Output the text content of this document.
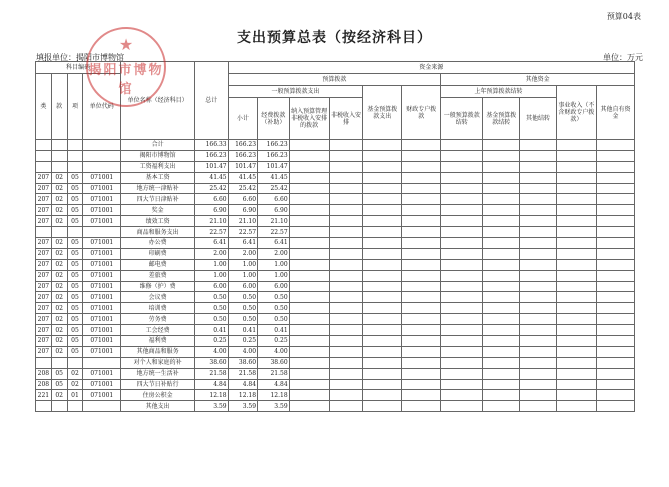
预算04表
支出预算总表（按经济科目）
填报单位：揭阳市博物馆	单位：万元
科目编码				单位名称（经济科目）	总计	资金来源										
类	款	项	单位代码			预算拨款						其他资金				
						一般预算拨款支出				基金预算拨款支出	财政专户拨款	上年预算拨款结转			事业收入（不含财政专户拨款）	其他自有资金
						小计	经费拨款（补助）	纳入预算管理非税收入安排的拨款	非税收入安排			一般预算拨款结转	基金预算拨款结转	其他结转		

				合计	166.33	166.23	166.23									
				揭阳市博物馆	166.23	166.23	166.23									
				工资福利支出	101.47	101.47	101.47									
207	02	05	071001	基本工资	41.45	41.45	41.45									
207	02	05	071001	地方统一津贴补	25.42	25.42	25.42									
207	02	05	071001	四大节日津贴补	6.60	6.60	6.60									
207	02	05	071001	奖金	6.90	6.90	6.90									
207	02	05	071001	绩效工资	21.10	21.10	21.10									
				商品和服务支出	22.57	22.57	22.57									
207	02	05	071001	办公费	6.41	6.41	6.41									
207	02	05	071001	印刷费	2.00	2.00	2.00									
207	02	05	071001	邮电费	1.00	1.00	1.00									
207	02	05	071001	差旅费	1.00	1.00	1.00									
207	02	05	071001	维修（护）费	6.00	6.00	6.00									
207	02	05	071001	会议费	0.50	0.50	0.50									
207	02	05	071001	培训费	0.50	0.50	0.50									
207	02	05	071001	劳务费	0.50	0.50	0.50									
207	02	05	071001	工会经费	0.41	0.41	0.41									
207	02	05	071001	福利费	0.25	0.25	0.25									
207	02	05	071001	其他商品和服务	4.00	4.00	4.00									
				对个人和家庭的补	38.60	38.60	38.60									
208	05	02	071001	地方统一生活补	21.58	21.58	21.58									
208	05	02	071001	四大节日补贴行	4.84	4.84	4.84									
221	02	01	071001	住房公积金	12.18	12.18	12.18									
				其他支出	3.59	3.59	3.59									
★
揭阳市博物馆
